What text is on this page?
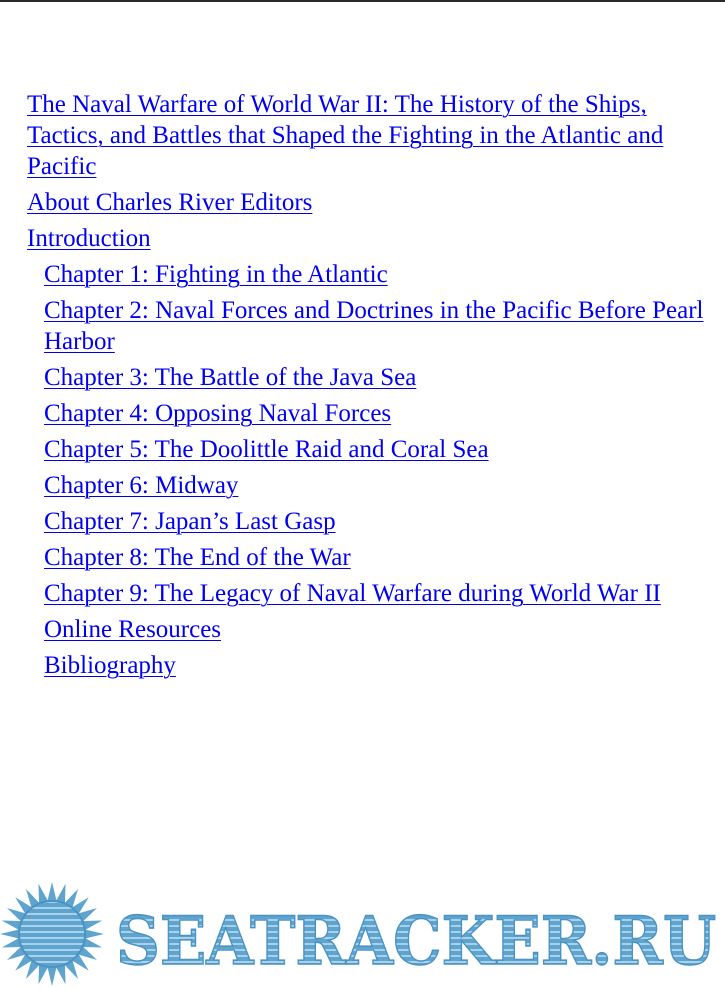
The Naval Warfare of World War II: The History of the Ships, Tactics, and Battles that Shaped the Fighting in the Atlantic and Pacific
About Charles River Editors
Introduction
Chapter 1: Fighting in the Atlantic
Chapter 2: Naval Forces and Doctrines in the Pacific Before Pearl Harbor
Chapter 3: The Battle of the Java Sea
Chapter 4: Opposing Naval Forces
Chapter 5: The Doolittle Raid and Coral Sea
Chapter 6: Midway
Chapter 7: Japan’s Last Gasp
Chapter 8: The End of the War
Chapter 9: The Legacy of Naval Warfare during World War II
Online Resources
Bibliography
SEATRACKER.RU
